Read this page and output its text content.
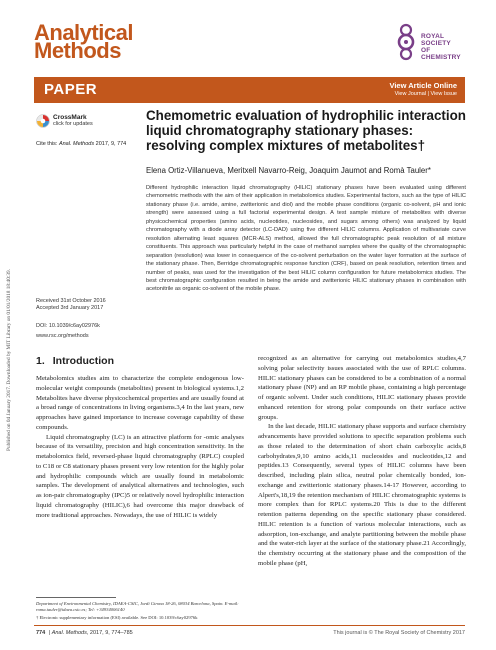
Analytical
Methods
ROYAL SOCIETY
OF CHEMISTRY
PAPER	View Article Online
View Journal | View Issue
CrossMark
click for updates
Cite this: Anal. Methods 2017, 9, 774
Chemometric evaluation of hydrophilic interaction liquid chromatography stationary phases: resolving complex mixtures of metabolites†
Elena Ortiz-Villanueva, Meritxell Navarro-Reig, Joaquim Jaumot and Romà Tauler*

Different hydrophilic interaction liquid chromatography (HILIC) stationary phases have been evaluated using different chemometric methods with the aim of their application in metabolomics studies. Experimental factors, such as the type of HILIC stationary phase (i.e. amide, amine, zwitterionic and diol) and the mobile phase conditions (organic co-solvent, pH and ionic strength) were assessed using a full factorial experimental design. A test sample mixture of metabolites with diverse physicochemical properties (amino acids, nucleotides, nucleosides, and sugars among others) was analyzed by liquid chromatography with a diode array detector (LC-DAD) using five different HILIC columns. Application of multivariate curve resolution alternating least squares (MCR-ALS) method, allowed the full chromatographic peak resolution of all mixture constituents. This approach was particularly helpful in the case of methanol samples where the quality of the chromatographic separation (resolution) was lower in consequence of the co-solvent perturbation on the water layer formation at the surface of the stationary phase. Then, Berridge chromatographic response function (CRF), based on peak resolution, retention times and number of peaks, was used for the investigation of the best HILIC column configuration for future metabolomics studies. The best chromatographic configuration resulted in being the amide and zwitterionic HILIC stationary phases in combination with acetonitrile as organic co-solvent of the mobile phase.

Received 31st October 2016
Accepted 3rd January 2017
DOI: 10.1039/c6ay02976k
www.rsc.org/methods
Published on 04 January 2017. Downloaded by MIT Library on 01/01/2018 18:40:39. 1. Introduction

Metabolomics studies aim to characterize the complete endogenous low-molecular weight compounds (metabolites) present in biological systems.1,2 Metabolites have diverse physicochemical properties and are usually found at a broad range of concentrations in living organisms.3,4 In the last years, new approaches have gained importance to increase coverage capability of these compounds.

Liquid chromatography (LC) is an attractive platform for -omic analyses because of its versatility, precision and high concentration sensitivity. In the metabolomics field, reversed-phase liquid chromatography (RPLC) coupled to C18 or C8 stationary phases present very low retention for the highly polar and hydrophilic compounds which are usually found in metabolomic samples. The development of analytical alternatives and technologies, such as ion-pair chromatography (IPC)5 or relatively novel hydrophilic interaction liquid chromatography (HILIC),6 had overcome this major drawback of more traditional approaches. Nowadays, the use of HILIC is widely

recognized as an alternative for carrying out metabolomics studies,4,7 solving polar selectivity issues associated with the use of RPLC columns. HILIC stationary phases can be considered to be a combination of a normal stationary phase (NP) and an RP mobile phase, containing a high percentage of organic solvent. Under such conditions, HILIC stationary phases provide enhanced retention for strong polar compounds on their surface active groups.

In the last decade, HILIC stationary phase supports and surface chemistry advancements have provided solutions to specific separation problems such as those related to the determination of short chain carboxylic acids,8 carbohydrates,9,10 amino acids,11 nucleosides and nucleotides,12 and peptides.13 Consequently, several types of HILIC columns have been described, including plain silica, neutral polar chemically bonded, ion-exchange and zwitterionic stationary phases.14-17 However, according to Alpert's,18,19 the retention mechanism of HILIC chromatographic systems is more complex than for RPLC systems.20 This is due to the different retention patterns depending on the specific stationary phase considered. HILIC retention is a function of various molecular interactions, such as adsorption, ion-exchange, and analyte partitioning between the mobile phase and the water-rich layer at the surface of the stationary phase.21 Accordingly, the chemistry occurring at the stationary phase and the composition of the mobile phase (pH,

Department of Environmental Chemistry, IDAEA-CSIC, Jordi Girona 18-26, 08034 Barcelona, Spain. E-mail: roma.tauler@idaea.csic.es; Tel: +34934006140

† Electronic supplementary information (ESI) available. See DOI: 10.1039/c6ay02976k

774 | Anal. Methods, 2017, 9, 774–785	This journal is © The Royal Society of Chemistry 2017
